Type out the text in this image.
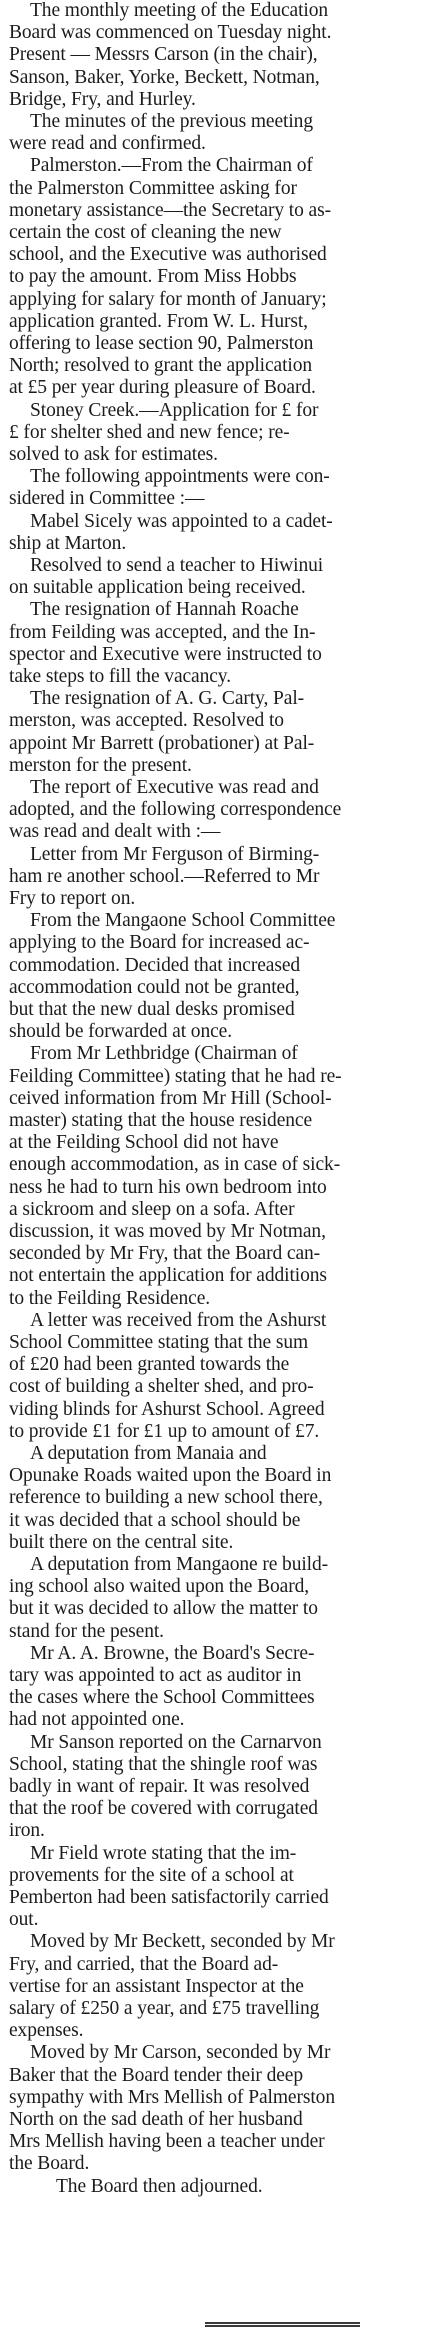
The monthly meeting of the Education
Board was commenced on Tuesday night.
Present — Messrs Carson (in the chair),
Sanson, Baker, Yorke, Beckett, Notman,
Bridge, Fry, and Hurley.
The minutes of the previous meeting
were read and confirmed.
Palmerston.—From the Chairman of
the Palmerston Committee asking for
monetary assistance—the Secretary to as-
certain the cost of cleaning the new
school, and the Executive was authorised
to pay the amount. From Miss Hobbs
applying for salary for month of January;
application granted. From W. L. Hurst,
offering to lease section 90, Palmerston
North; resolved to grant the application
at £5 per year during pleasure of Board.
Stoney Creek.—Application for £ for
£ for shelter shed and new fence; re-
solved to ask for estimates.
The following appointments were con-
sidered in Committee :—
Mabel Sicely was appointed to a cadet-
ship at Marton.
Resolved to send a teacher to Hiwinui
on suitable application being received.
The resignation of Hannah Roache
from Feilding was accepted, and the In-
spector and Executive were instructed to
take steps to fill the vacancy.
The resignation of A. G. Carty, Pal-
merston, was accepted. Resolved to
appoint Mr Barrett (probationer) at Pal-
merston for the present.
The report of Executive was read and
adopted, and the following correspondence
was read and dealt with :—
Letter from Mr Ferguson of Birming-
ham re another school.—Referred to Mr
Fry to report on.
From the Mangaone School Committee
applying to the Board for increased ac-
commodation. Decided that increased
accommodation could not be granted,
but that the new dual desks promised
should be forwarded at once.
From Mr Lethbridge (Chairman of
Feilding Committee) stating that he had re-
ceived information from Mr Hill (School-
master) stating that the house residence
at the Feilding School did not have
enough accommodation, as in case of sick-
ness he had to turn his own bedroom into
a sickroom and sleep on a sofa. After
discussion, it was moved by Mr Notman,
seconded by Mr Fry, that the Board can-
not entertain the application for additions
to the Feilding Residence.
A letter was received from the Ashurst
School Committee stating that the sum
of £20 had been granted towards the
cost of building a shelter shed, and pro-
viding blinds for Ashurst School. Agreed
to provide £1 for £1 up to amount of £7.
A deputation from Manaia and
Opunake Roads waited upon the Board in
reference to building a new school there,
it was decided that a school should be
built there on the central site.
A deputation from Mangaone re build-
ing school also waited upon the Board,
but it was decided to allow the matter to
stand for the pesent.
Mr A. A. Browne, the Board's Secre-
tary was appointed to act as auditor in
the cases where the School Committees
had not appointed one.
Mr Sanson reported on the Carnarvon
School, stating that the shingle roof was
badly in want of repair. It was resolved
that the roof be covered with corrugated
iron.
Mr Field wrote stating that the im-
provements for the site of a school at
Pemberton had been satisfactorily carried
out.
Moved by Mr Beckett, seconded by Mr
Fry, and carried, that the Board ad-
vertise for an assistant Inspector at the
salary of £250 a year, and £75 travelling
expenses.
Moved by Mr Carson, seconded by Mr
Baker that the Board tender their deep
sympathy with Mrs Mellish of Palmerston
North on the sad death of her husband
Mrs Mellish having been a teacher under
the Board.
The Board then adjourned.
